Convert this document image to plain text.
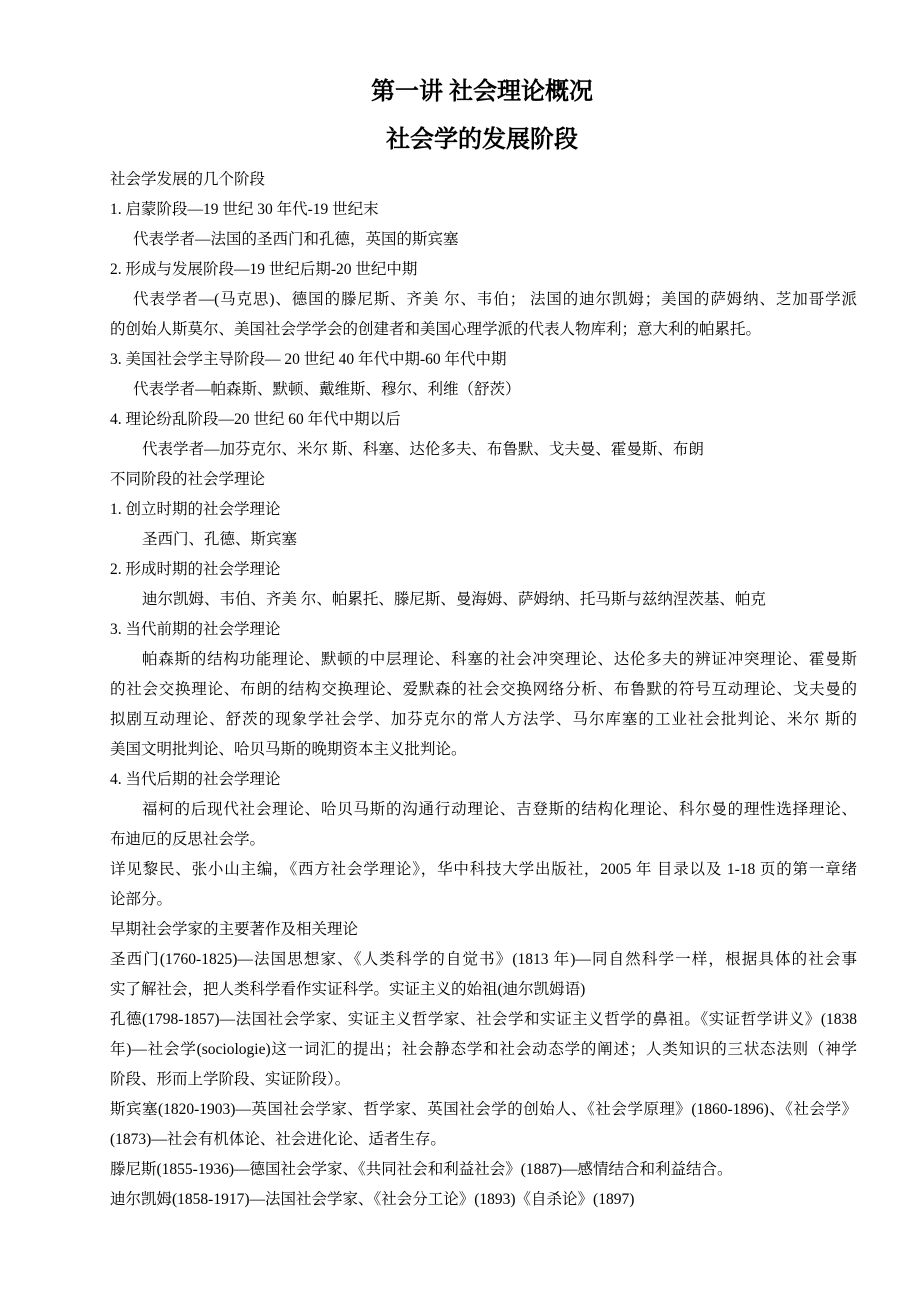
第一讲 社会理论概况
社会学的发展阶段
社会学发展的几个阶段
1. 启蒙阶段—19 世纪 30 年代-19 世纪末
代表学者—法国的圣西门和孔德，英国的斯宾塞
2. 形成与发展阶段—19 世纪后期-20 世纪中期
代表学者—(马克思)、德国的滕尼斯、齐美 尔、韦伯； 法国的迪尔凯姆；美国的萨姆纳、芝加哥学派
的创始人斯莫尔、美国社会学学会的创建者和美国心理学派的代表人物库利；意大利的帕累托。
3. 美国社会学主导阶段— 20 世纪 40 年代中期-60 年代中期
代表学者—帕森斯、默顿、戴维斯、穆尔、利维（舒茨）
4. 理论纷乱阶段—20 世纪 60 年代中期以后
代表学者—加芬克尔、米尔 斯、科塞、达伦多夫、布鲁默、戈夫曼、霍曼斯、布朗
不同阶段的社会学理论
1. 创立时期的社会学理论
圣西门、孔德、斯宾塞
2. 形成时期的社会学理论
迪尔凯姆、韦伯、齐美 尔、帕累托、滕尼斯、曼海姆、萨姆纳、托马斯与兹纳涅茨基、帕克
3. 当代前期的社会学理论
帕森斯的结构功能理论、默顿的中层理论、科塞的社会冲突理论、达伦多夫的辨证冲突理论、霍曼斯
的社会交换理论、布朗的结构交换理论、爱默森的社会交换网络分析、布鲁默的符号互动理论、戈夫曼的
拟剧互动理论、舒茨的现象学社会学、加芬克尔的常人方法学、马尔库塞的工业社会批判论、米尔 斯的
美国文明批判论、哈贝马斯的晚期资本主义批判论。
4. 当代后期的社会学理论
福柯的后现代社会理论、哈贝马斯的沟通行动理论、吉登斯的结构化理论、科尔曼的理性选择理论、
布迪厄的反思社会学。
详见黎民、张小山主编，《西方社会学理论》，华中科技大学出版社，2005 年 目录以及 1-18 页的第一章绪
论部分。
早期社会学家的主要著作及相关理论
圣西门(1760-1825)—法国思想家、《人类科学的自觉书》(1813 年)—同自然科学一样，根据具体的社会事
实了解社会，把人类科学看作实证科学。实证主义的始祖(迪尔凯姆语)
孔德(1798-1857)—法国社会学家、实证主义哲学家、社会学和实证主义哲学的鼻祖。《实证哲学讲义》(1838
年)—社会学(sociologie)这一词汇的提出；社会静态学和社会动态学的阐述；人类知识的三状态法则（神学
阶段、形而上学阶段、实证阶段）。
斯宾塞(1820-1903)—英国社会学家、哲学家、英国社会学的创始人、《社会学原理》(1860-1896)、《社会学》
(1873)—社会有机体论、社会进化论、适者生存。
滕尼斯(1855-1936)—德国社会学家、《共同社会和利益社会》(1887)—感情结合和利益结合。
迪尔凯姆(1858-1917)—法国社会学家、《社会分工论》(1893)《自杀论》(1897)
